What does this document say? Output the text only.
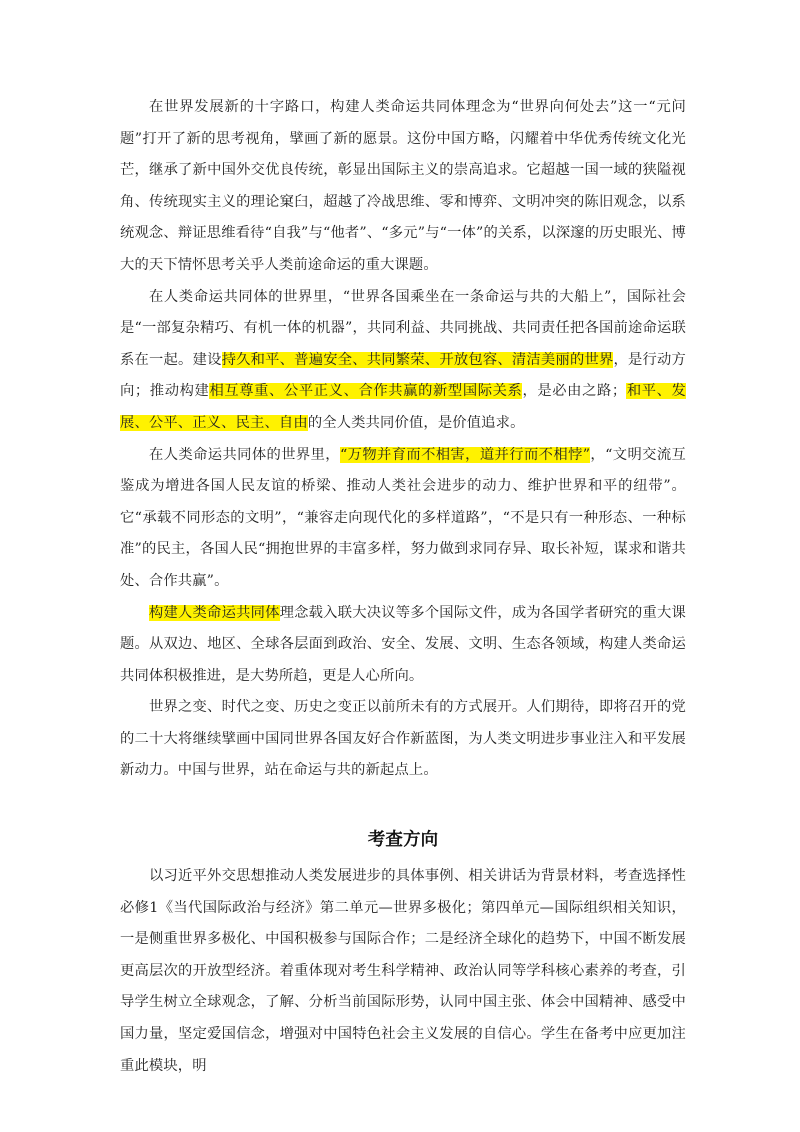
在世界发展新的十字路口，构建人类命运共同体理念为“世界向何处去”这一“元问题”打开了新的思考视角，擘画了新的愿景。这份中国方略，闪耀着中华优秀传统文化光芒，继承了新中国外交优良传统，彰显出国际主义的崇高追求。它超越一国一域的狭隘视角、传统现实主义的理论窠臼，超越了冷战思维、零和博弈、文明冲突的陈旧观念，以系统观念、辩证思维看待“自我”与“他者”、“多元”与“一体”的关系，以深邃的历史眼光、博大的天下情怀思考关乎人类前途命运的重大课题。

在人类命运共同体的世界里，“世界各国乘坐在一条命运与共的大船上”，国际社会是“一部复杂精巧、有机一体的机器”，共同利益、共同挑战、共同责任把各国前途命运联系在一起。建设持久和平、普遍安全、共同繁荣、开放包容、清洁美丽的世界，是行动方向；推动构建相互尊重、公平正义、合作共赢的新型国际关系，是必由之路；和平、发展、公平、正义、民主、自由的全人类共同价值，是价值追求。

在人类命运共同体的世界里，“万物并育而不相害，道并行而不相悖”，“文明交流互鉴成为增进各国人民友谊的桥梁、推动人类社会进步的动力、维护世界和平的纽带”。它“承载不同形态的文明”，“兼容走向现代化的多样道路”，“不是只有一种形态、一种标准”的民主，各国人民“拥抱世界的丰富多样，努力做到求同存异、取长补短，谋求和谐共处、合作共赢”。

构建人类命运共同体理念载入联大决议等多个国际文件，成为各国学者研究的重大课题。从双边、地区、全球各层面到政治、安全、发展、文明、生态各领域，构建人类命运共同体积极推进，是大势所趋，更是人心所向。

世界之变、时代之变、历史之变正以前所未有的方式展开。人们期待，即将召开的党的二十大将继续擘画中国同世界各国友好合作新蓝图，为人类文明进步事业注入和平发展新动力。中国与世界，站在命运与共的新起点上。

考查方向

以习近平外交思想推动人类发展进步的具体事例、相关讲话为背景材料，考查选择性必修1《当代国际政治与经济》第二单元—世界多极化；第四单元—国际组织相关知识，一是侧重世界多极化、中国积极参与国际合作；二是经济全球化的趋势下，中国不断发展更高层次的开放型经济。着重体现对考生科学精神、政治认同等学科核心素养的考查，引导学生树立全球观念，了解、分析当前国际形势，认同中国主张、体会中国精神、感受中国力量，坚定爱国信念，增强对中国特色社会主义发展的自信心。学生在备考中应更加注重此模块，明
